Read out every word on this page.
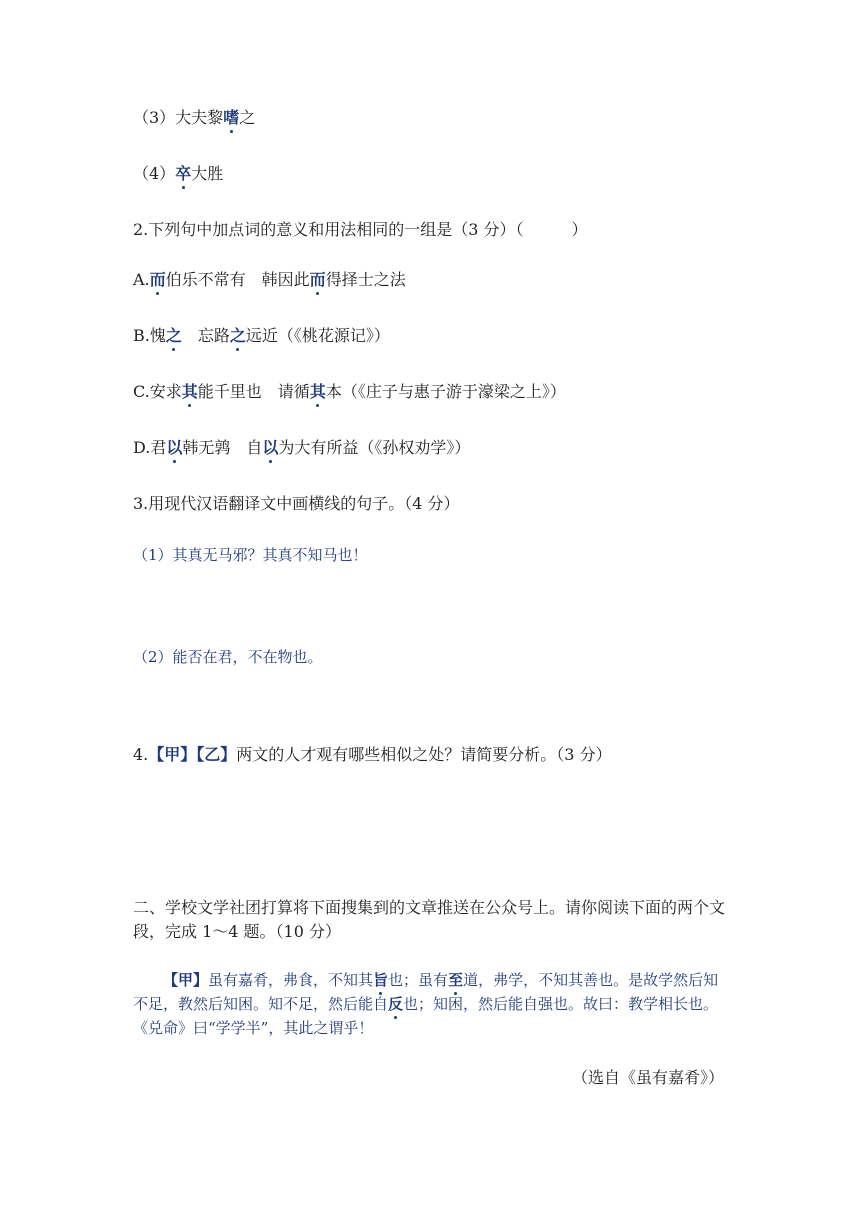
（3）大夫黎嗜之
（4）卒大胜
2.下列句中加点词的意义和用法相同的一组是（3 分）（　　　）
A.而伯乐不常有　韩因此而得择士之法
B.愧之　忘路之远近（《桃花源记》）
C.安求其能千里也　请循其本（《庄子与惠子游于濠梁之上》）
D.君以韩无鹑　自以为大有所益（《孙权劝学》）
3.用现代汉语翻译文中画横线的句子。（4 分）
（1）其真无马邪？其真不知马也！
（2）能否在君，不在物也。
4.【甲】【乙】两文的人才观有哪些相似之处？请简要分析。（3 分）
二、学校文学社团打算将下面搜集到的文章推送在公众号上。请你阅读下面的两个文段，完成 1～4 题。（10 分）
【甲】虽有嘉肴，弗食，不知其旨也；虽有至道，弗学，不知其善也。是故学然后知不足，教然后知困。知不足，然后能自反也；知困，然后能自强也。故曰：教学相长也。《兑命》曰“学学半”，其此之谓乎！
（选自《虽有嘉肴》）
